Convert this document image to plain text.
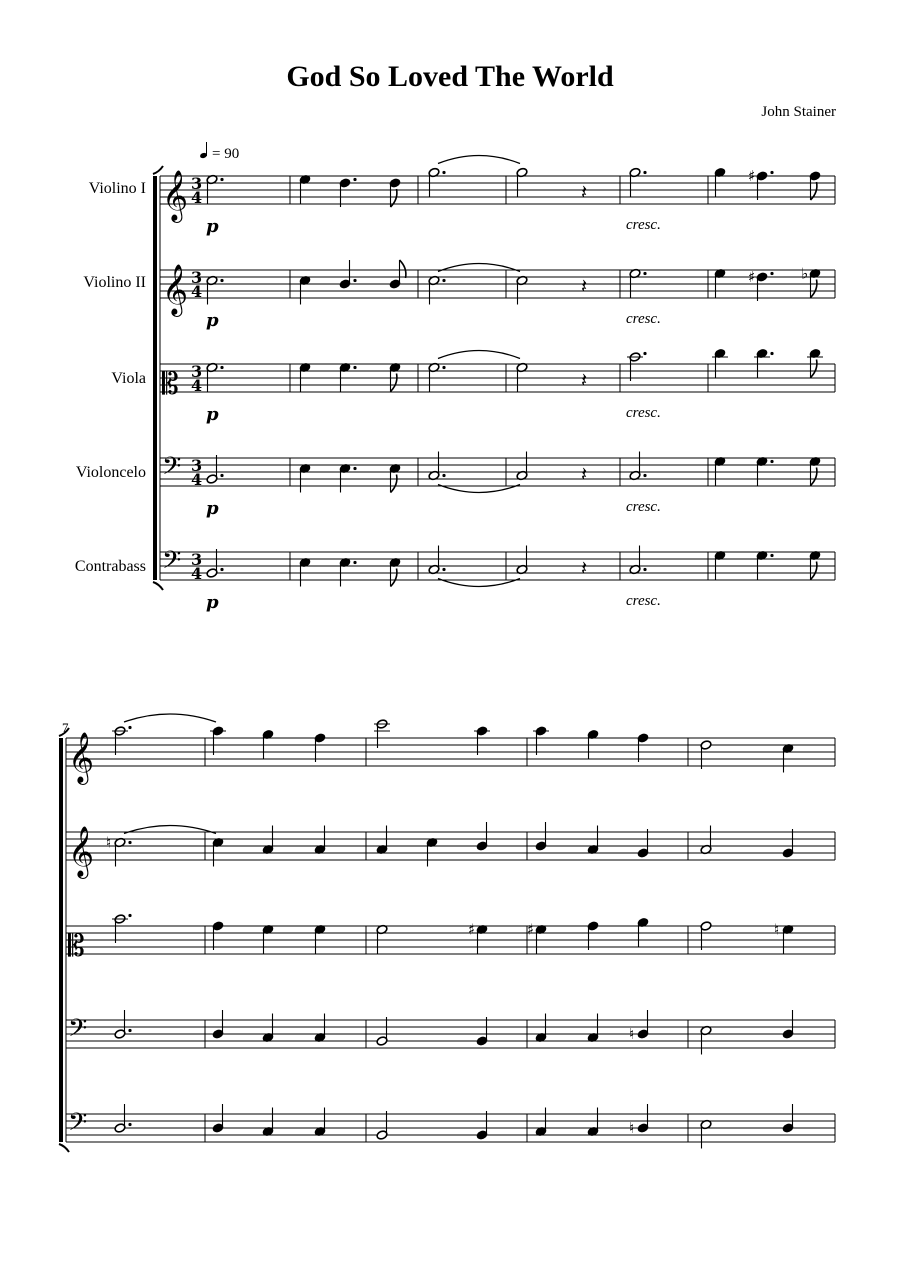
God So Loved The World
John Stainer
= 90
Violino I
Violino II
Viola
Violoncelo
Contrabass
7
𝄞 3
4
♯
𝄽
p	cresc.
𝄞 3
4
♯	♭
𝄽
p	cresc.
𝄡 3
4	𝄽
p	cresc.
𝄢 3
4	𝄽
p	cresc.
𝄢 3
4	𝄽
p	cresc.
𝄞
𝄞 ♮
𝄡	♯	♯	♮
𝄢	♮
𝄢	♮
